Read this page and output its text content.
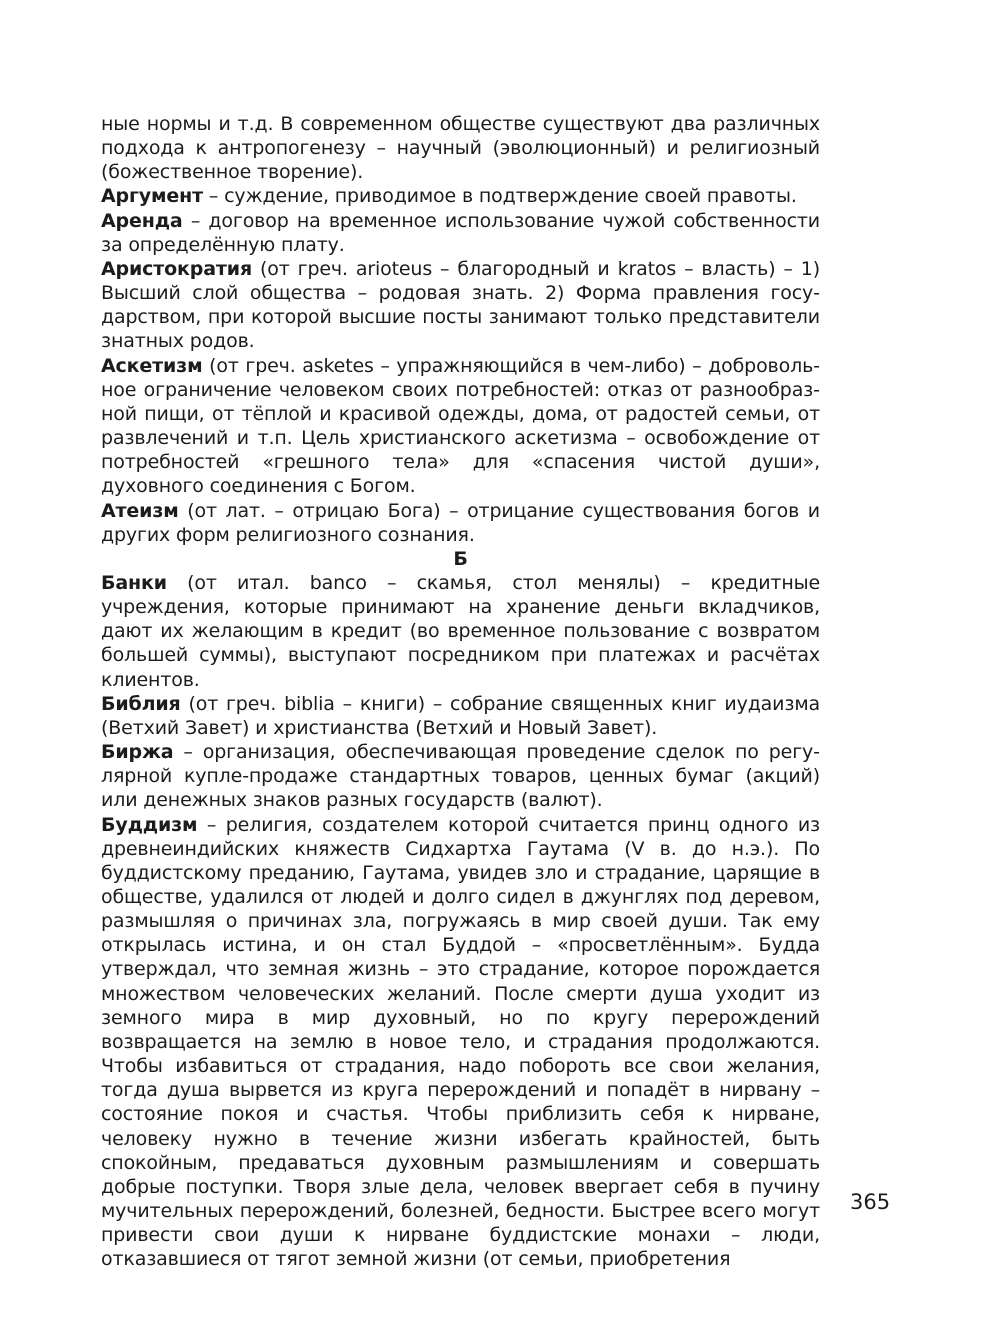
ные нормы и т.д. В современном обществе существуют два различных подхода к антропогенезу – научный (эволюционный) и религиозный (божественное творение).

Аргумент – суждение, приводимое в подтверждение своей правоты.

Аренда – договор на временное использование чужой собственности за определённую плату.

Аристократия (от греч. arioteus – благородный и kratos – власть) – 1) Высший слой общества – родовая знать. 2) Форма правления государством, при которой высшие посты занимают только представители знатных родов.

Аскетизм (от греч. asketes – упражняющийся в чем-либо) – добровольное ограничение человеком своих потребностей: отказ от разнообразной пищи, от тёплой и красивой одежды, дома, от радостей семьи, от развлечений и т.п. Цель христианского аскетизма – освобождение от потребностей «грешного тела» для «спасения чистой души», духовного соединения с Богом.

Атеизм (от лат. – отрицаю Бога) – отрицание существования богов и других форм религиозного сознания.

Б

Банки (от итал. banco – скамья, стол менялы) – кредитные учреждения, которые принимают на хранение деньги вкладчиков, дают их желающим в кредит (во временное пользование с возвратом большей суммы), выступают посредником при платежах и расчётах клиентов.

Библия (от греч. biblia – книги) – собрание священных книг иудаизма (Ветхий Завет) и христианства (Ветхий и Новый Завет).

Биржа – организация, обеспечивающая проведение сделок по регулярной купле-продаже стандартных товаров, ценных бумаг (акций) или денежных знаков разных государств (валют).

Буддизм – религия, создателем которой считается принц одного из древнеиндийских княжеств Сидхартха Гаутама (V в. до н.э.). По буддистскому преданию, Гаутама, увидев зло и страдание, царящие в обществе, удалился от людей и долго сидел в джунглях под деревом, размышляя о причинах зла, погружаясь в мир своей души. Так ему открылась истина, и он стал Буддой – «просветлённым». Будда утверждал, что земная жизнь – это страдание, которое порождается множеством человеческих желаний. После смерти душа уходит из земного мира в мир духовный, но по кругу перерождений возвращается на землю в новое тело, и страдания продолжаются. Чтобы избавиться от страдания, надо побороть все свои желания, тогда душа вырвется из круга перерождений и попадёт в нирвану – состояние покоя и счастья. Чтобы приблизить себя к нирване, человеку нужно в течение жизни избегать крайностей, быть спокойным, предаваться духовным размышлениям и совершать добрые поступки. Творя злые дела, человек ввергает себя в пучину мучительных перерождений, болезней, бедности. Быстрее всего могут привести свои души к нирване буддистские монахи – люди, отказавшиеся от тягот земной жизни (от семьи, приобретения

365
